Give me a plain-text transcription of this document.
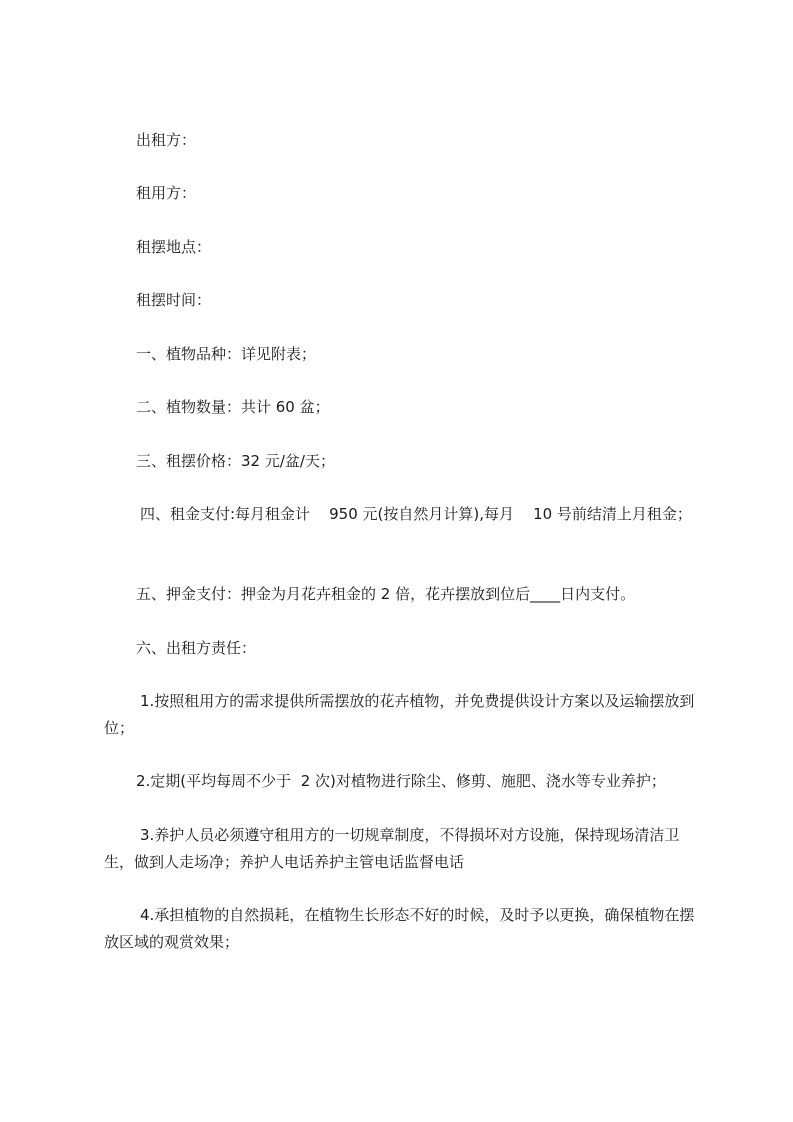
出租方：
租用方：
租摆地点：
租摆时间：
一、植物品种：详见附表；
二、植物数量：共计 60 盆；
三、租摆价格：32 元/盆/天；
四、租金支付:每月租金计    950 元(按自然月计算),每月    10 号前结清上月租金；
五、押金支付：押金为月花卉租金的 2 倍，花卉摆放到位后____日内支付。
六、出租方责任：
1.按照租用方的需求提供所需摆放的花卉植物，并免费提供设计方案以及运输摆放到位；
2.定期(平均每周不少于  2 次)对植物进行除尘、修剪、施肥、浇水等专业养护；
3.养护人员必须遵守租用方的一切规章制度，不得损坏对方设施，保持现场清洁卫生，做到人走场净；养护人电话养护主管电话监督电话
4.承担植物的自然损耗，在植物生长形态不好的时候，及时予以更换，确保植物在摆放区域的观赏效果；
